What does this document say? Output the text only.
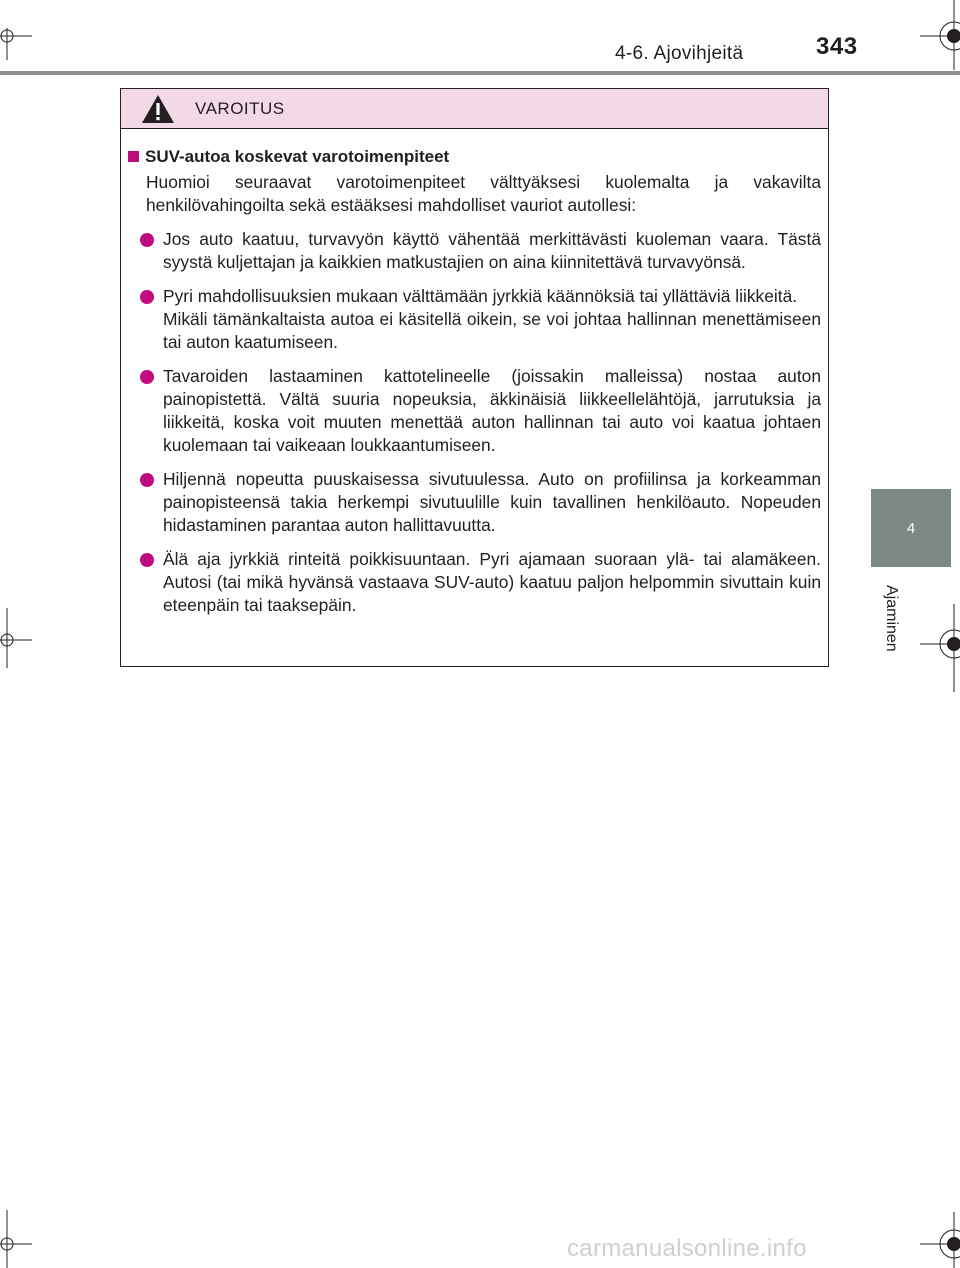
4-6. Ajovihjeitä	343
4
Ajaminen
VAROITUS
SUV-autoa koskevat varotoimenpiteet

Huomioi seuraavat varotoimenpiteet välttyäksesi kuolemalta ja vakavilta henkilövahingoilta sekä estääksesi mahdolliset vauriot autollesi:

Jos auto kaatuu, turvavyön käyttö vähentää merkittävästi kuoleman vaara. Tästä syystä kuljettajan ja kaikkien matkustajien on aina kiinnitettävä turvavyönsä.

Pyri mahdollisuuksien mukaan välttämään jyrkkiä käännöksiä tai yllättäviä liikkeitä.

Mikäli tämänkaltaista autoa ei käsitellä oikein, se voi johtaa hallinnan menettämiseen tai auton kaatumiseen.

Tavaroiden lastaaminen kattotelineelle (joissakin malleissa) nostaa auton painopistettä. Vältä suuria nopeuksia, äkkinäisiä liikkeellelähtöjä, jarrutuksia ja liikkeitä, koska voit muuten menettää auton hallinnan tai auto voi kaatua johtaen kuolemaan tai vaikeaan loukkaantumiseen.

Hiljennä nopeutta puuskaisessa sivutuulessa. Auto on profiilinsa ja korkeamman painopisteensä takia herkempi sivutuulille kuin tavallinen henkilöauto. Nopeuden hidastaminen parantaa auton hallittavuutta.

Älä aja jyrkkiä rinteitä poikkisuuntaan. Pyri ajamaan suoraan ylä- tai alamäkeen. Autosi (tai mikä hyvänsä vastaava SUV-auto) kaatuu paljon helpommin sivuttain kuin eteenpäin tai taaksepäin.

carmanualsonline.info
